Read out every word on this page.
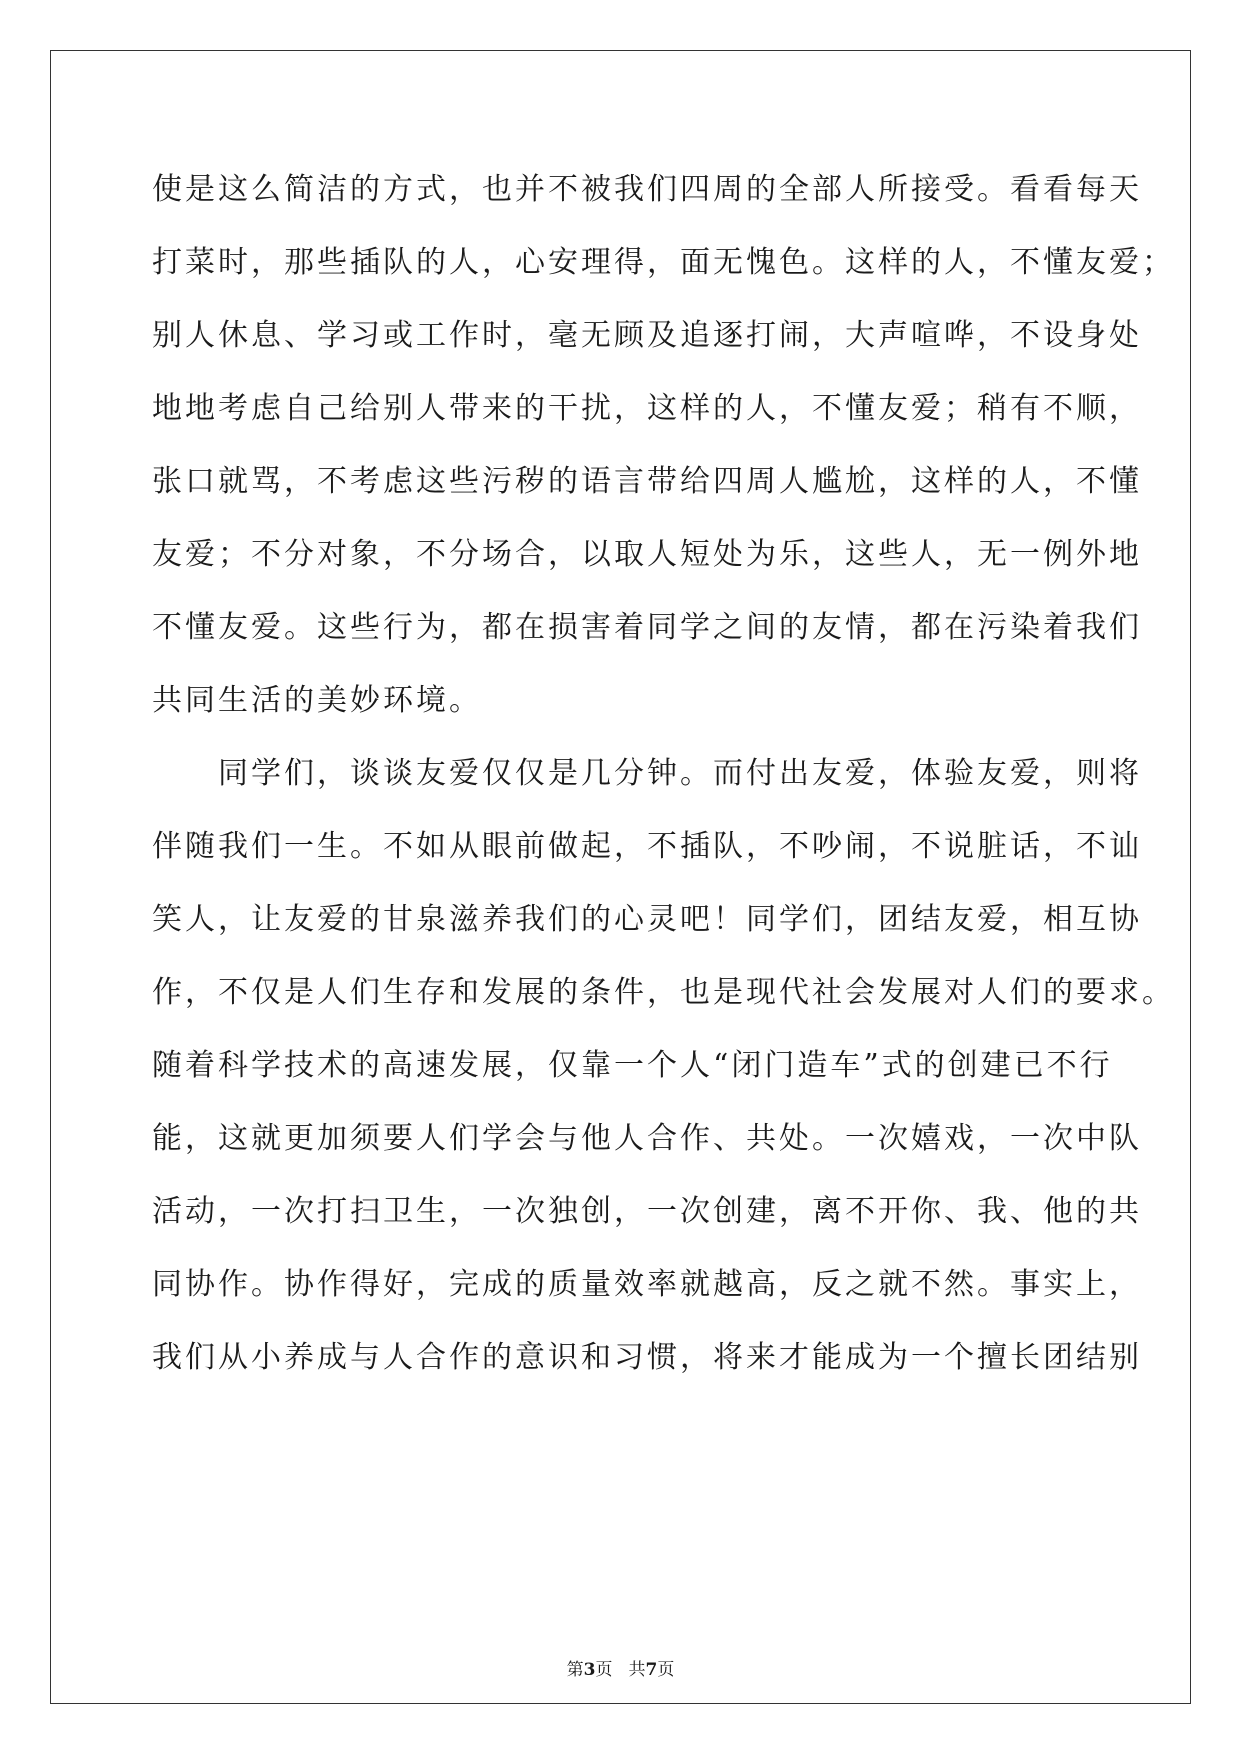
使是这么简洁的方式，也并不被我们四周的全部人所接受。看看每天
打菜时，那些插队的人，心安理得，面无愧色。这样的人，不懂友爱；
别人休息、学习或工作时，毫无顾及追逐打闹，大声喧哗，不设身处
地地考虑自己给别人带来的干扰，这样的人，不懂友爱；稍有不顺，
张口就骂，不考虑这些污秽的语言带给四周人尴尬，这样的人，不懂
友爱；不分对象，不分场合，以取人短处为乐，这些人，无一例外地
不懂友爱。这些行为，都在损害着同学之间的友情，都在污染着我们
共同生活的美妙环境。
　　同学们，谈谈友爱仅仅是几分钟。而付出友爱，体验友爱，则将
伴随我们一生。不如从眼前做起，不插队，不吵闹，不说脏话，不讪
笑人，让友爱的甘泉滋养我们的心灵吧！同学们，团结友爱，相互协
作，不仅是人们生存和发展的条件，也是现代社会发展对人们的要求。
随着科学技术的高速发展，仅靠一个人“闭门造车”式的创建已不行
能，这就更加须要人们学会与他人合作、共处。一次嬉戏，一次中队
活动，一次打扫卫生，一次独创，一次创建，离不开你、我、他的共
同协作。协作得好，完成的质量效率就越高，反之就不然。事实上，
我们从小养成与人合作的意识和习惯，将来才能成为一个擅长团结别
第3页 共7页
